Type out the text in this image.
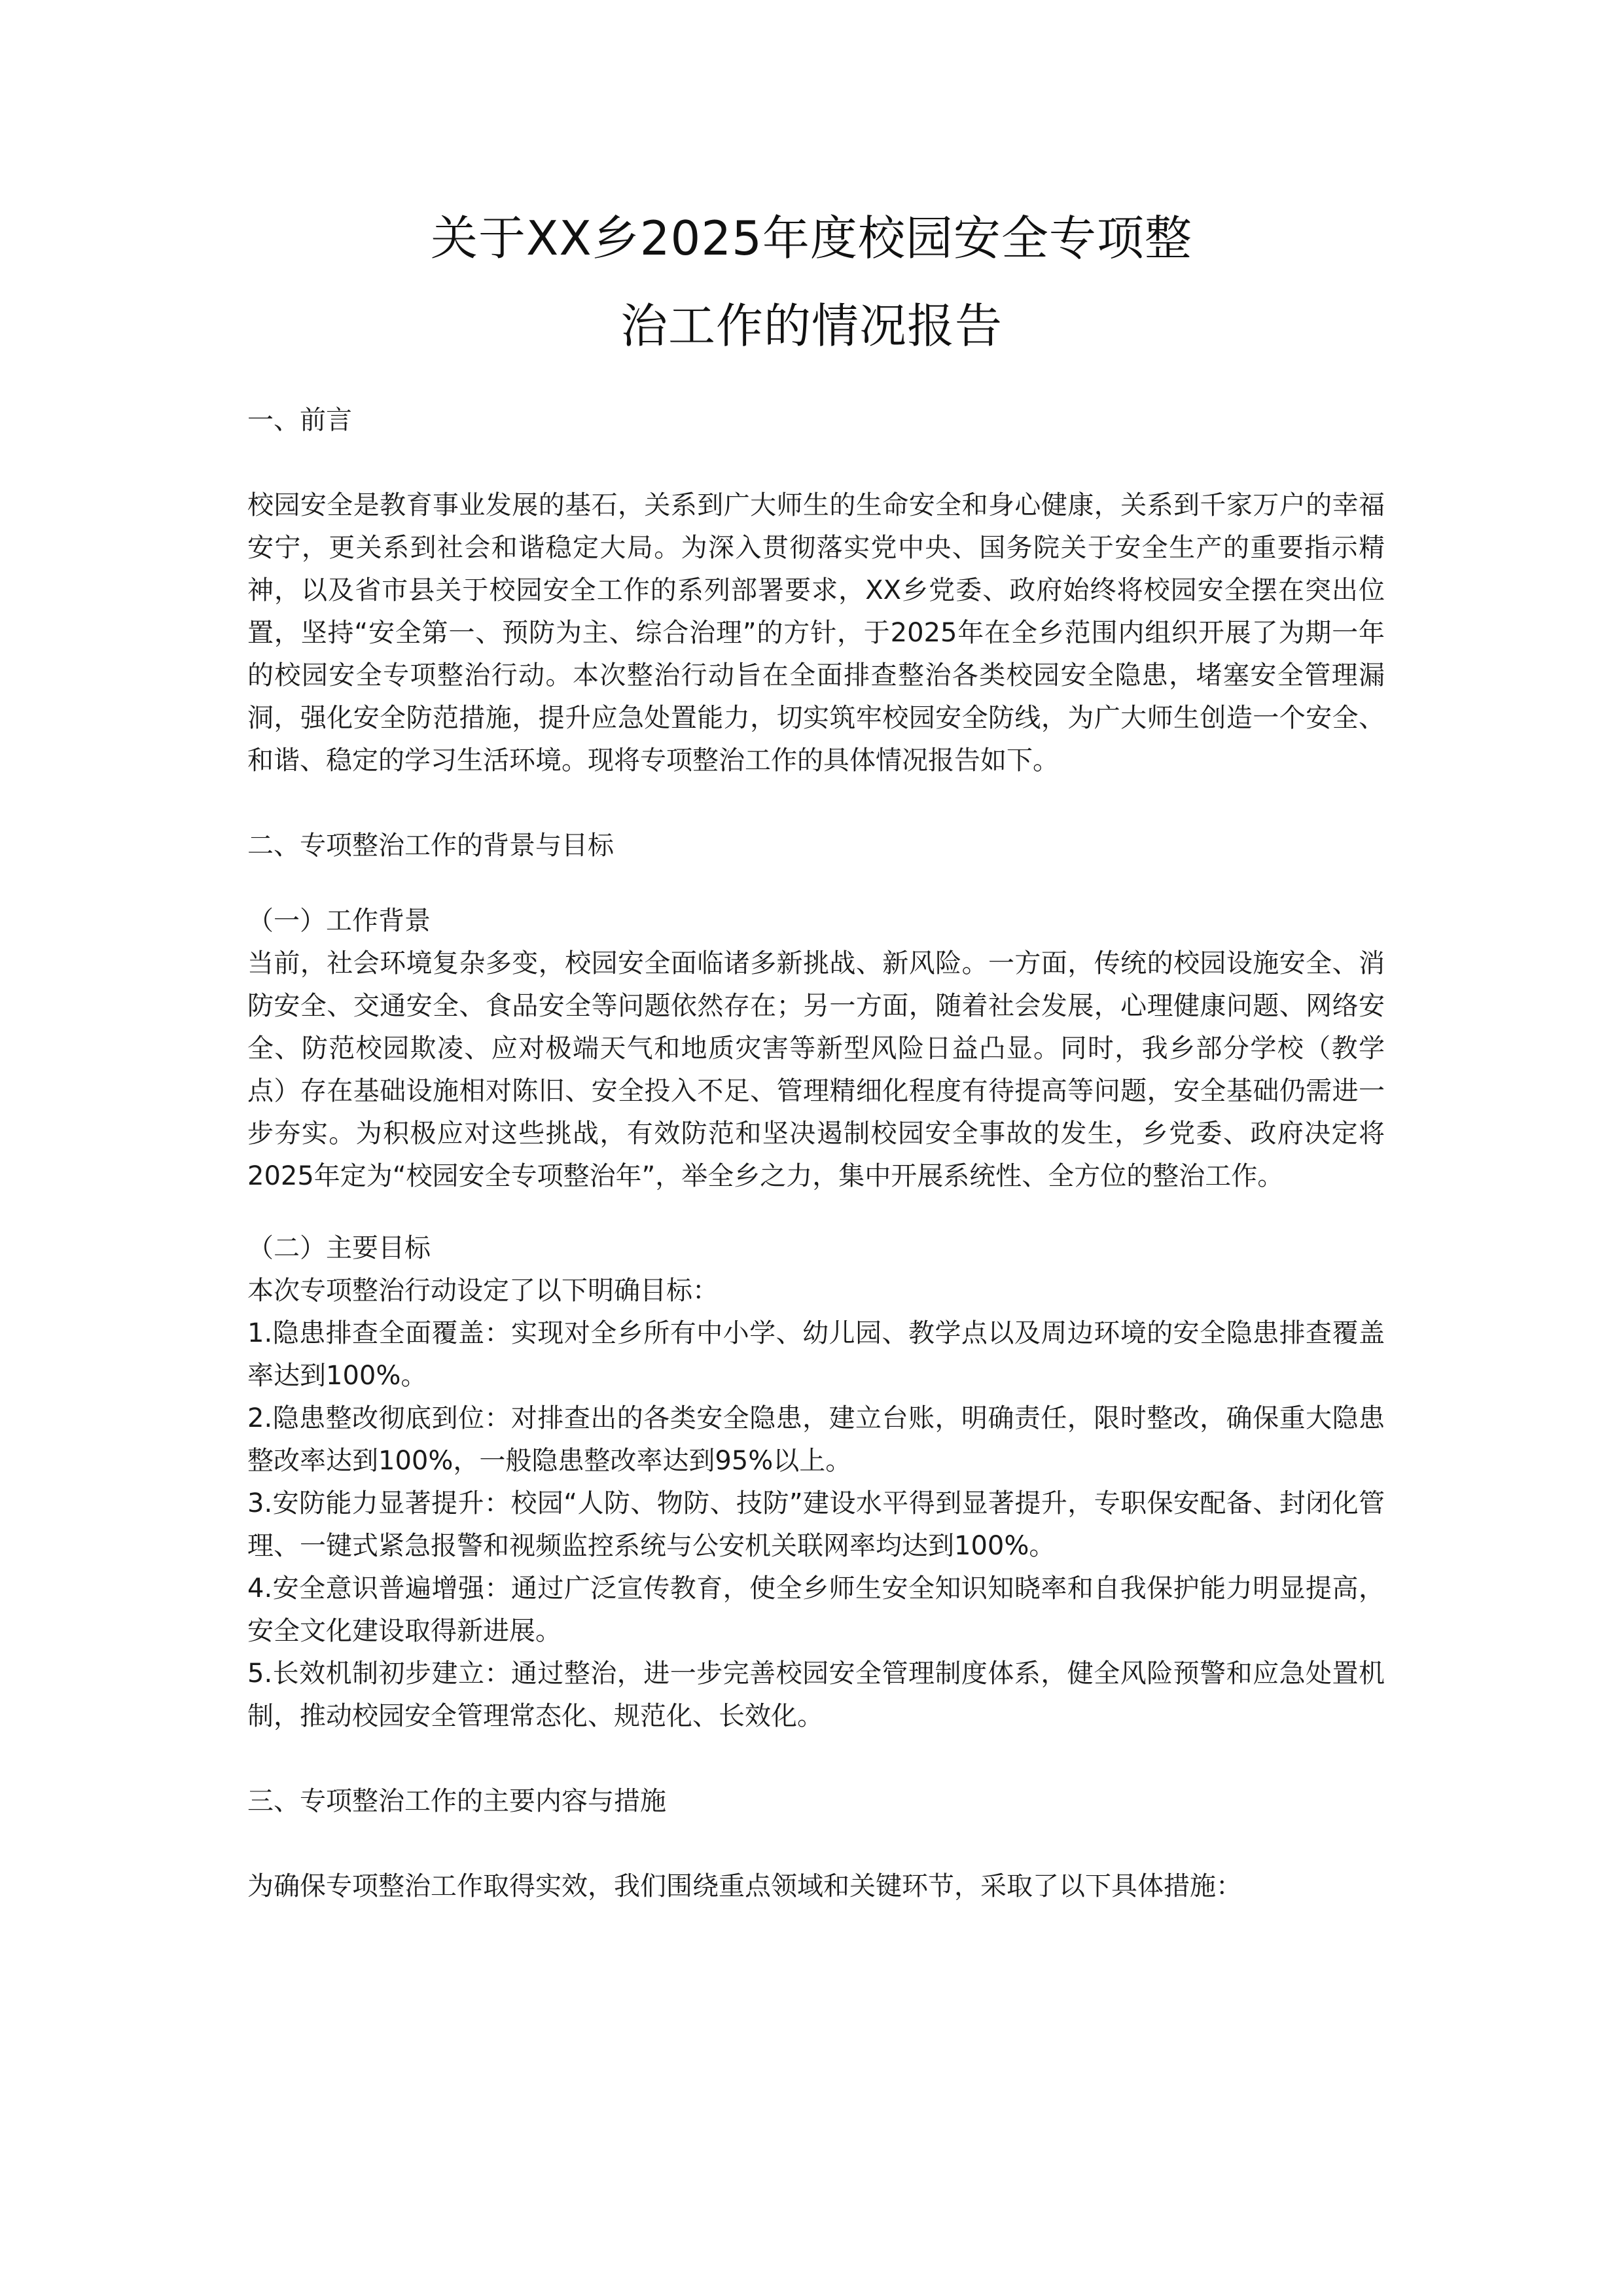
关于XX乡2025年度校园安全专项整
治工作的情况报告

一、前言

校园安全是教育事业发展的基石，关系到广大师生的生命安全和身心健康，关系到千家万户的幸福安宁，更关系到社会和谐稳定大局。为深入贯彻落实党中央、国务院关于安全生产的重要指示精神，以及省市县关于校园安全工作的系列部署要求，XX乡党委、政府始终将校园安全摆在突出位置，坚持“安全第一、预防为主、综合治理”的方针，于2025年在全乡范围内组织开展了为期一年的校园安全专项整治行动。本次整治行动旨在全面排查整治各类校园安全隐患，堵塞安全管理漏洞，强化安全防范措施，提升应急处置能力，切实筑牢校园安全防线，为广大师生创造一个安全、和谐、稳定的学习生活环境。现将专项整治工作的具体情况报告如下。

二、专项整治工作的背景与目标

（一）工作背景

当前，社会环境复杂多变，校园安全面临诸多新挑战、新风险。一方面，传统的校园设施安全、消防安全、交通安全、食品安全等问题依然存在；另一方面，随着社会发展，心理健康问题、网络安全、防范校园欺凌、应对极端天气和地质灾害等新型风险日益凸显。同时，我乡部分学校（教学点）存在基础设施相对陈旧、安全投入不足、管理精细化程度有待提高等问题，安全基础仍需进一步夯实。为积极应对这些挑战，有效防范和坚决遏制校园安全事故的发生，乡党委、政府决定将2025年定为“校园安全专项整治年”，举全乡之力，集中开展系统性、全方位的整治工作。

（二）主要目标

本次专项整治行动设定了以下明确目标：

1.隐患排查全面覆盖：实现对全乡所有中小学、幼儿园、教学点以及周边环境的安全隐患排查覆盖率达到100%。

2.隐患整改彻底到位：对排查出的各类安全隐患，建立台账，明确责任，限时整改，确保重大隐患整改率达到100%，一般隐患整改率达到95%以上。

3.安防能力显著提升：校园“人防、物防、技防”建设水平得到显著提升，专职保安配备、封闭化管理、一键式紧急报警和视频监控系统与公安机关联网率均达到100%。

4.安全意识普遍增强：通过广泛宣传教育，使全乡师生安全知识知晓率和自我保护能力明显提高，安全文化建设取得新进展。

5.长效机制初步建立：通过整治，进一步完善校园安全管理制度体系，健全风险预警和应急处置机制，推动校园安全管理常态化、规范化、长效化。

三、专项整治工作的主要内容与措施

为确保专项整治工作取得实效，我们围绕重点领域和关键环节，采取了以下具体措施：
